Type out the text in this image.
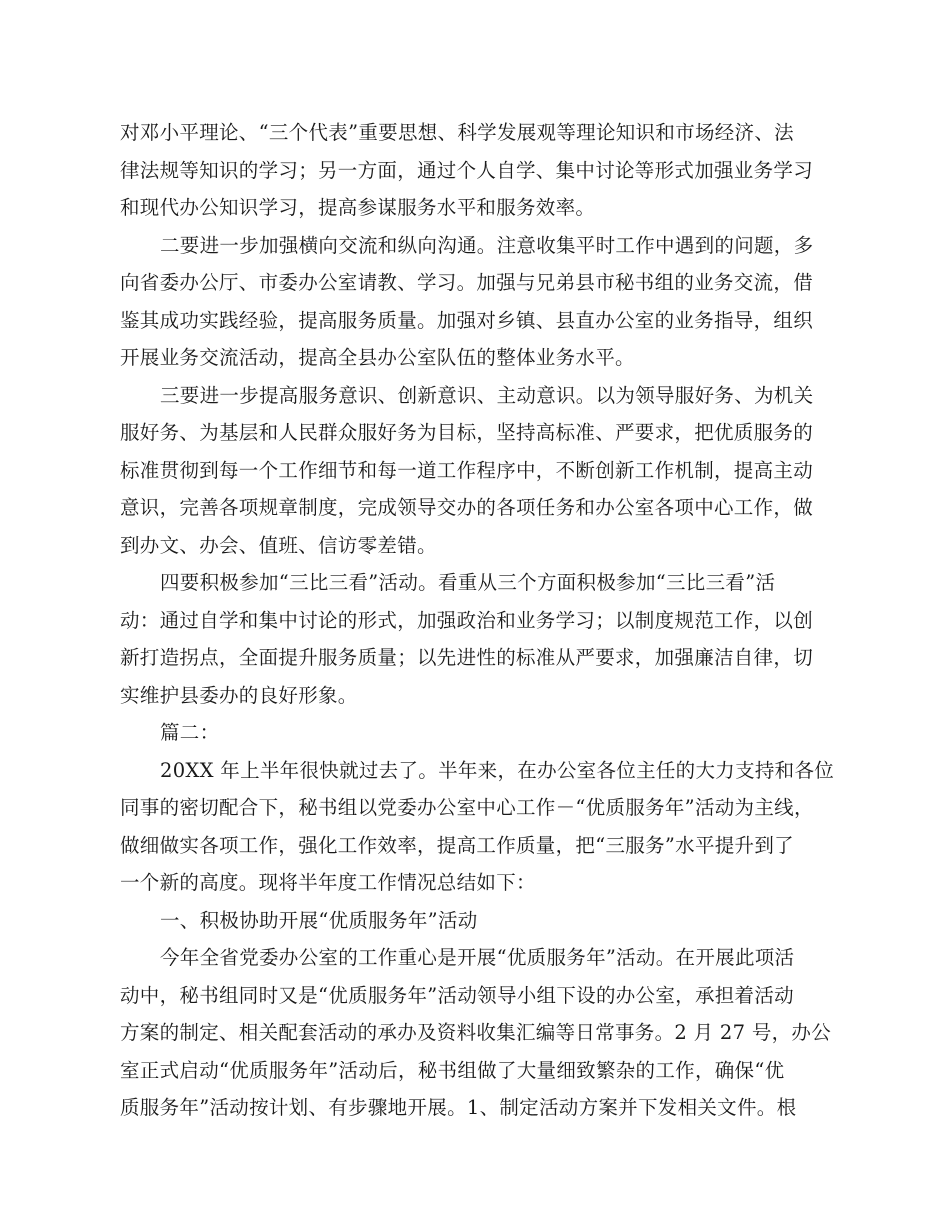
对邓小平理论、“三个代表”重要思想、科学发展观等理论知识和市场经济、法
律法规等知识的学习；另一方面，通过个人自学、集中讨论等形式加强业务学习
和现代办公知识学习，提高参谋服务水平和服务效率。
二要进一步加强横向交流和纵向沟通。注意收集平时工作中遇到的问题，多
向省委办公厅、市委办公室请教、学习。加强与兄弟县市秘书组的业务交流，借
鉴其成功实践经验，提高服务质量。加强对乡镇、县直办公室的业务指导，组织
开展业务交流活动，提高全县办公室队伍的整体业务水平。
三要进一步提高服务意识、创新意识、主动意识。以为领导服好务、为机关
服好务、为基层和人民群众服好务为目标，坚持高标准、严要求，把优质服务的
标准贯彻到每一个工作细节和每一道工作程序中，不断创新工作机制，提高主动
意识，完善各项规章制度，完成领导交办的各项任务和办公室各项中心工作，做
到办文、办会、值班、信访零差错。
四要积极参加“三比三看”活动。看重从三个方面积极参加“三比三看”活
动：通过自学和集中讨论的形式，加强政治和业务学习；以制度规范工作，以创
新打造拐点，全面提升服务质量；以先进性的标准从严要求，加强廉洁自律，切
实维护县委办的良好形象。
篇二：
20XX 年上半年很快就过去了。半年来，在办公室各位主任的大力支持和各位
同事的密切配合下，秘书组以党委办公室中心工作－“优质服务年”活动为主线，
做细做实各项工作，强化工作效率，提高工作质量，把“三服务”水平提升到了
一个新的高度。现将半年度工作情况总结如下：
一、积极协助开展“优质服务年”活动
今年全省党委办公室的工作重心是开展“优质服务年”活动。在开展此项活
动中，秘书组同时又是“优质服务年”活动领导小组下设的办公室，承担着活动
方案的制定、相关配套活动的承办及资料收集汇编等日常事务。2 月 27 号，办公
室正式启动“优质服务年”活动后，秘书组做了大量细致繁杂的工作，确保“优
质服务年”活动按计划、有步骤地开展。1、制定活动方案并下发相关文件。根
